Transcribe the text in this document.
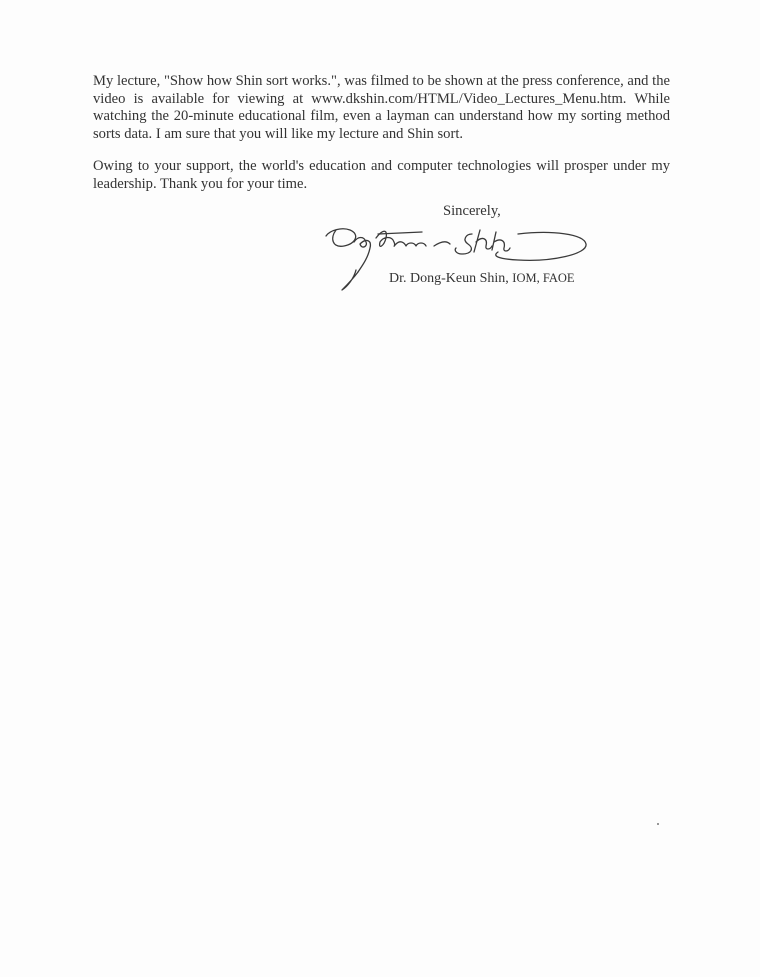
My lecture, "Show how Shin sort works.", was filmed to be shown at the press conference, and the video is available for viewing at www.dkshin.com/HTML/Video_Lectures_Menu.htm. While watching the 20-minute educational film, even a layman can understand how my sorting method sorts data. I am sure that you will like my lecture and Shin sort.

Owing to your support, the world's education and computer technologies will prosper under my leadership. Thank you for your time.

Sincerely,

Dr. Dong-Keun Shin, IOM, FAOE
